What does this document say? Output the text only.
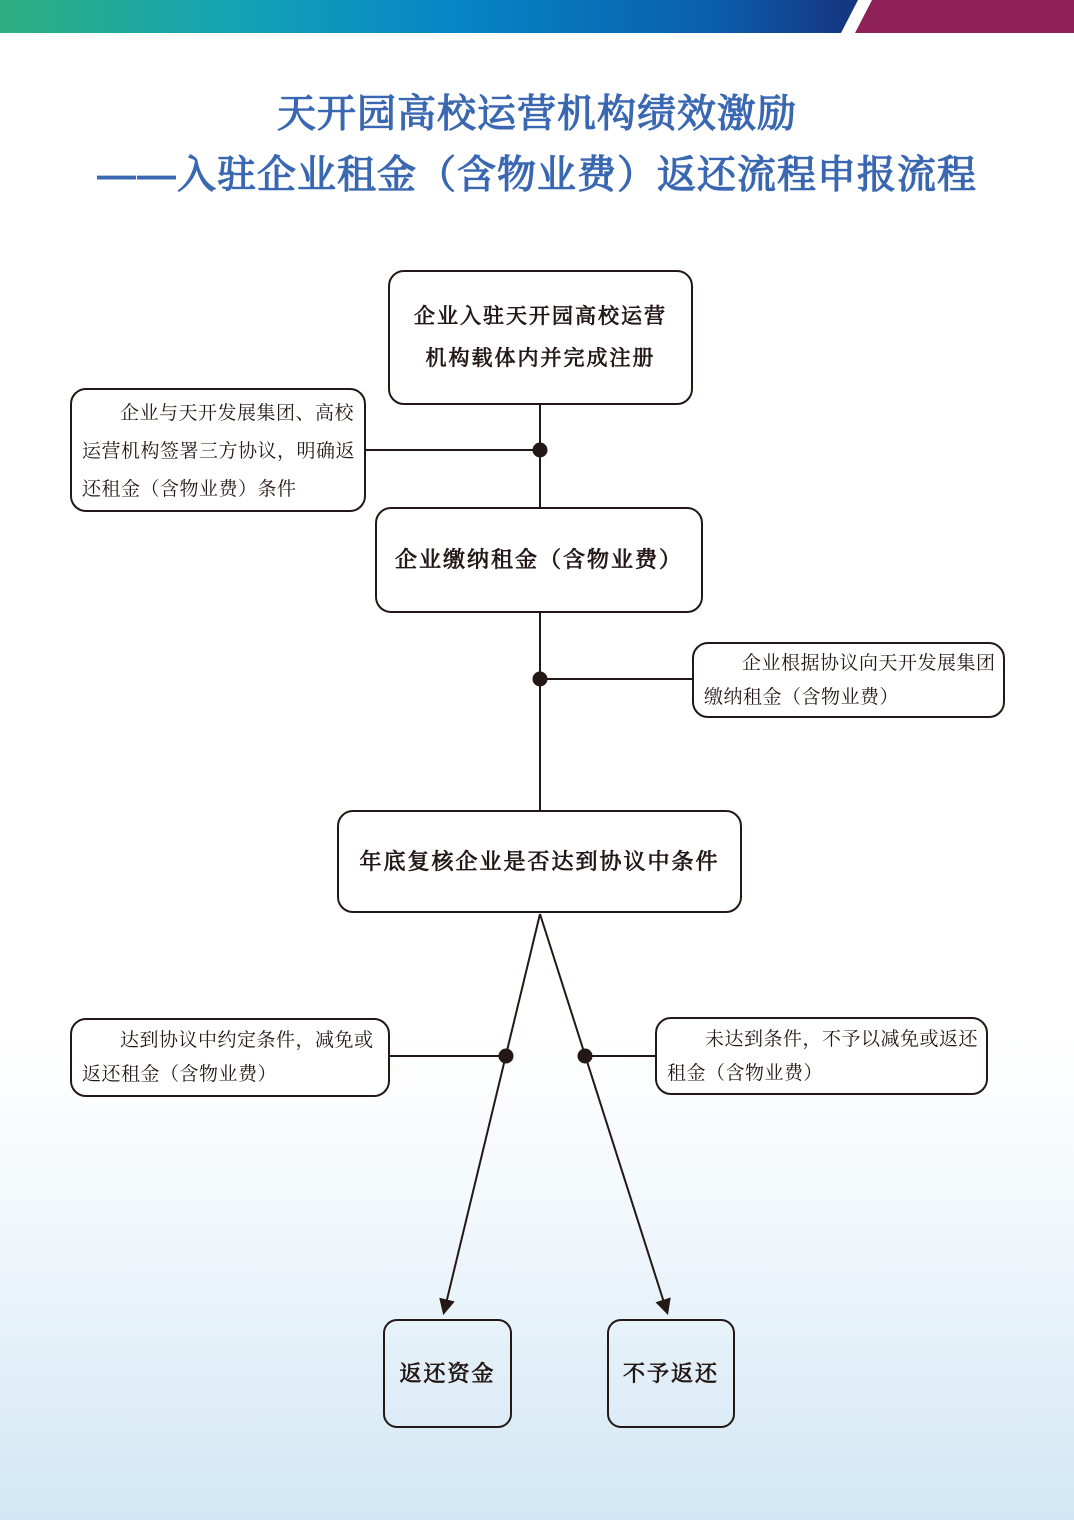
天开园高校运营机构绩效激励
——入驻企业租金（含物业费）返还流程申报流程
企业入驻天开园高校运营
机构载体内并完成注册
企业缴纳租金（含物业费）
年底复核企业是否达到协议中条件
返还资金	不予返还
企业与天开发展集团、高校
运营机构签署三方协议，明确返
还租金（含物业费）条件
企业根据协议向天开发展集团
缴纳租金（含物业费）
达到协议中约定条件，减免或
返还租金（含物业费）
未达到条件，不予以减免或返还
租金（含物业费）
